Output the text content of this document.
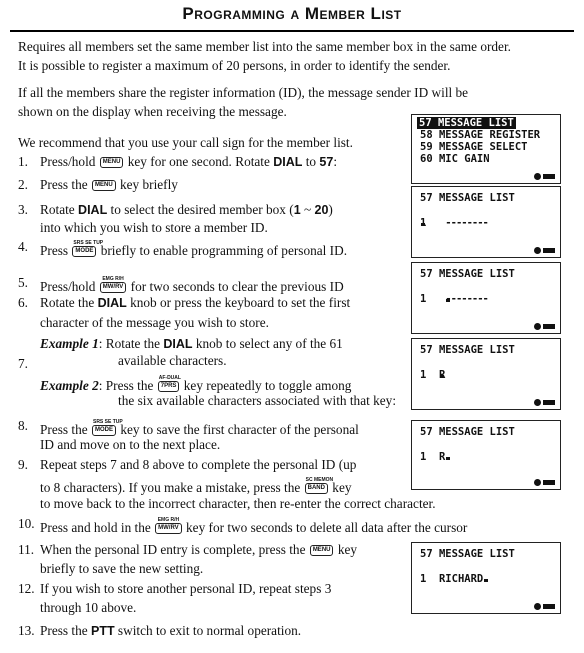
Programming a Member List
Requires all members set the same member list into the same member box in the same order.
It is possible to register a maximum of 20 persons, in order to identify the sender.
If all the members share the register information (ID), the message sender ID will be
shown on the display when receiving the message.
We recommend that you use your call sign for the member list.
1. Press/hold MENU key for one second. Rotate DIAL to 57:
2. Press the MENU key briefly
3. Rotate DIAL to select the desired member box (1 ~ 20)
into which you wish to store a member ID.
4. Press SRS SE TUP
MODE briefly to enable programming of personal ID.
5. Press/hold	EMG R/H
MW/RV for two seconds to clear the previous ID
6. Rotate the DIAL knob or press the keyboard to set the first
character of the message you wish to store.
Example 1: Rotate the DIAL knob to select any of the 61
7.	available characters.
Example 2: Press the AF-DUAL
7PRS key repeatedly to toggle among
the six available characters associated with that key:
8. Press the SRS SE TUP
MODE key to save the first character of the personal
ID and move on to the next place.
9. Repeat steps 7 and 8 above to complete the personal ID (up
to 8 characters). If you make a mistake, press the SC MEMON
BAND key
to move back to the incorrect character, then re-enter the correct character.
10. Press and hold in the	EMG R/H
MW/RV key for two seconds to delete all data after the cursor
11. When the personal ID entry is complete, press the MENU key
briefly to save the new setting.
12. If you wish to store another personal ID, repeat steps 3
through 10 above.
13. Press the PTT switch to exit to normal operation.
57 MESSAGE LIST
58 MESSAGE REGISTER
59 MESSAGE SELECT
60 MIC GAIN
57 MESSAGE LIST
1 --------
57 MESSAGE LIST
1 --------
57 MESSAGE LIST
1 R
57 MESSAGE LIST
1 R
57 MESSAGE LIST
1 RICHARD
